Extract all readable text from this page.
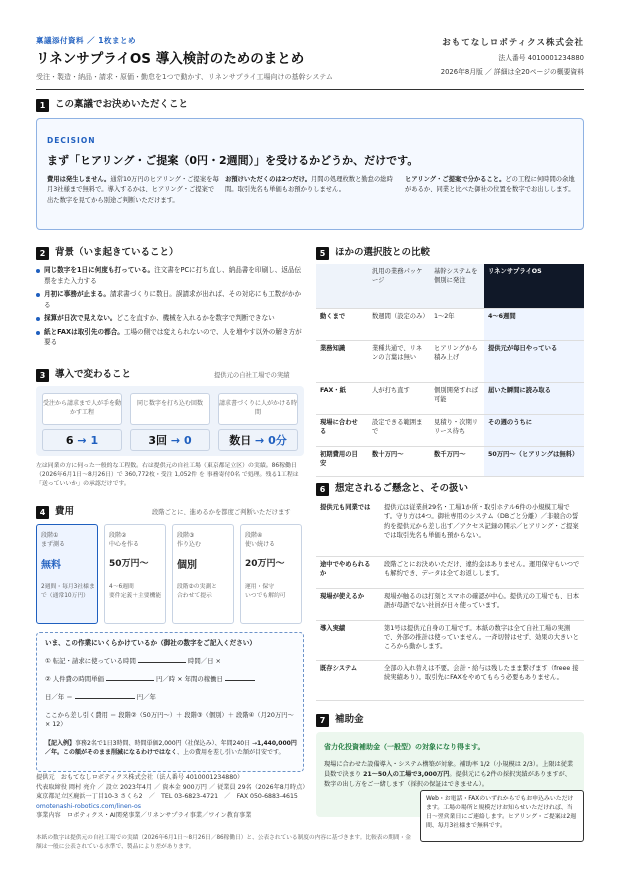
稟議添付資料 ／ 1枚まとめ
リネンサプライOS 導入検討のためのまとめ
受注・製造・納品・請求・原価・勤怠を1つで動かす、リネンサプライ工場向けの基幹システム
おもてなしロボティクス株式会社
法人番号 4010001234880
2026年8月版 ／ 詳細は全20ページの概要資料
1	この稟議でお決めいただくこと
DECISION
まず「ヒアリング・ご提案（0円・2週間）」を受けるかどうか、だけです。
費用は発生しません。通常10万円のヒアリング・ご提案を毎月3社様まで無料で。導入するかは、ヒアリング・ご提案で出た数字を見てから別途ご判断いただけます。
お預けいただくのは2つだけ。月間の処理枚数と勤怠の総時間。取引先名も単価もお預かりしません。
ヒアリング・ご提案で分かること。どの工程に何時間の余地があるか、同業と比べた御社の位置を数字でお出しします。
2	背景（いま起きていること）
同じ数字を1日に何度も打っている。注文書をPCに打ち直し、納品書を印刷し、返品伝票をまた入力する
月初に事務が止まる。請求書づくりに数日。誤請求が出れば、その対応にも工数がかかる
採算が日次で見えない。どこを直すか、機械を入れるかを数字で判断できない
紙とFAXは取引先の都合。工場の側では変えられないので、人を増やす以外の解き方が要る
3	導入で変わること	提供元の自社工場での実績
受注から請求まで人が手を動かす工程
6 → 1
同じ数字を打ち込む回数
3回 → 0
請求書づくりに人がかける時間
数日 → 0分
左は同業の方に伺った一般的な工程数。右は提供元の自社工場（東京都足立区）の実績。86稼働日（2026年6月1日〜8月26日）で 360,772枚・受注 1,052件 を 事務寄付0名 で処理。残る1工程は「送っていいか」の承認だけです。
4	費用	段階ごとに、進めるかを都度ご判断いただけます
段階①
まず測る
無料
2週間・毎月3社様まで（通常10万円）
段階②
中心を作る
50万円〜
4〜6週間
要件定義＋主要機能
段階③
作り込む
個別
段階②の実測と
合わせて提示
段階④
使い続ける
20万円〜
運用・保守
いつでも解約可
いま、この作業にいくらかけているか（御社の数字をご記入ください）
① 転記・請求に使っている時間	時間／日 ×
② 人件費の時間単価	円／時 × 年間の稼働日
日／年 ＝	円／年
ここから差し引く費用 ＝ 段階②（50万円〜）＋ 段階③（個別）＋ 段階④（月20万円〜 × 12）
【記入例】事務2名で1日3時間、時間単価2,000円（社保込み）、年間240日 →1,440,000円／年。この額がそのまま削減になるわけではなく、上の費用を差し引いた額が目安です。
5	ほかの選択肢との比較
	汎用の業務パッケージ	基幹システムを個別に発注	リネンサプライOS
動くまで	数週間（設定のみ）	1〜2年	4〜6週間
業務知識	業種共通で、リネンの言葉は無い	ヒアリングから積み上げ	提供元が毎日やっている
FAX・紙	人が打ち直す	個別開発すれば可能	届いた瞬間に読み取る
現場に合わせる	設定できる範囲まで	見積り・次期リリース待ち	その週のうちに
初期費用の目安	数十万円〜	数千万円〜	50万円〜（ヒアリングは無料）
6	想定されるご懸念と、その扱い
提供元も同業では	提供元は従業員29名・工場1か所・取引ホテル6件の小規模工場です。守り方は4つ。御社専用のシステム（DBごと分離）／非競合の誓約を提供元から差し出す／アクセス記録の開示／ヒアリング・ご提案では取引先名も単価も預からない。
途中でやめられるか	段階ごとにお決めいただけ、違約金はありません。運用保守もいつでも解約でき、データは全てお返しします。
現場が使えるか	現場が触るのは打刻とスマホの確認が中心。提供元の工場でも、日本語が母語でない社員が日々使っています。
導入実績	第1号は提供元自身の工場です。本紙の数字は全て自社工場の実測で、外部の推計は使っていません。一斉切替はせず、効果の大きいところから動かします。
既存システム	全部の入れ替えは不要。会計・給与は残したまま繋げます（freee 接続実績あり）。取引先にFAXをやめてもらう必要もありません。
7	補助金
省力化投資補助金（一般型）の対象になり得ます。
現場に合わせた設備導入・システム構築が対象。補助率 1/2（小規模は 2/3）。上限は従業員数で決まり 21〜50人の工場で3,000万円。提供元にも2件の採択実績がありますが、数字の出し方をご一緒します（採択の保証はできません）。
Web・お電話・FAXのいずれからでもお申込みいただけます。工場の場所と規模だけお知らせいただければ、当日〜翌営業日にご連絡します。ヒアリング・ご提案は2週間、毎月3社様まで無料です。
提供元　おもてなしロボティクス株式会社（法人番号 4010001234880）
代表取締役 岡村 亮介 ／ 設立 2023年4月 ／ 資本金 900万円 ／ 従業員 29名（2026年8月時点）
東京都足立区鹿浜一丁目10-3 さくら2　／　TEL 03-6823-4721　／　FAX 050-6883-4615
omotenashi-robotics.com/linen-os
事業内容　ロボティクス・AI関発事業／リネンサプライ事業／ワイン教育事業
本紙の数字は提供元の自社工場での実績（2026年6月1日〜8月26日／86稼働日）と、公表されている制度の内容に基づきます。比較表の期間・金額は一般に公表されている水準で、製品により差があります。
